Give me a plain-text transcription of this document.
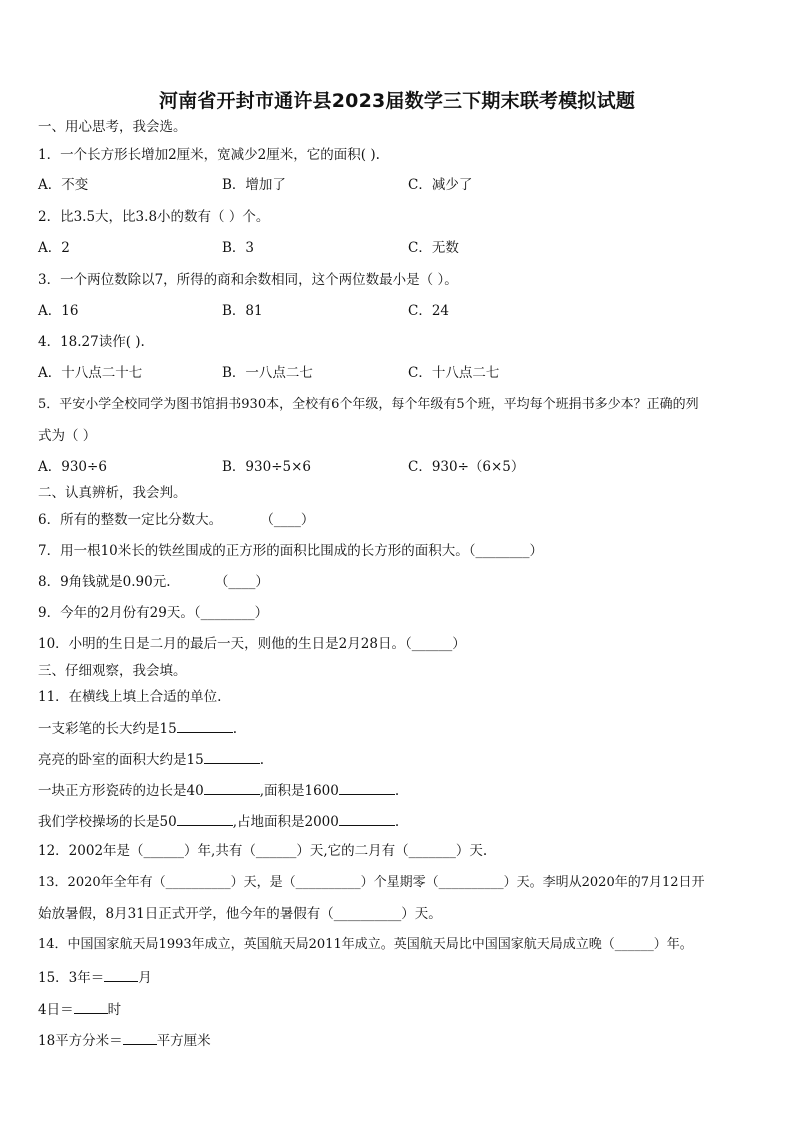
河南省开封市通许县2023届数学三下期末联考模拟试题
一、用心思考，我会选。
1．一个长方形长增加2厘米，宽减少2厘米，它的面积( ).
A．不变	B．增加了	C．减少了
2．比3.5大，比3.8小的数有（ ）个。
A．2	B．3	C．无数
3．一个两位数除以7，所得的商和余数相同，这个两位数最小是（ ）。
A．16	B．81	C．24
4．18.27读作( ).
A．十八点二十七	B．一八点二七	C．十八点二七
5．平安小学全校同学为图书馆捐书930本，全校有6个年级，每个年级有5个班，平均每个班捐书多少本？正确的列
式为（ ）
A．930÷6	B．930÷5×6	C．930÷（6×5）
二、认真辨析，我会判。
6．所有的整数一定比分数大。	（____）
7．用一根10米长的铁丝围成的正方形的面积比围成的长方形的面积大。（________）
8．9角钱就是0.90元.	（____）
9．今年的2月份有29天。（________）
10．小明的生日是二月的最后一天，则他的生日是2月28日。（______）
三、仔细观察，我会填。
11．在横线上填上合适的单位.
一支彩笔的长大约是15	.
亮亮的卧室的面积大约是15	.
一块正方形瓷砖的边长是40	,面积是1600	.
我们学校操场的长是50	,占地面积是2000	.
12．2002年是（______）年,共有（______）天,它的二月有（_______）天.
13．2020年全年有（__________）天，是（__________）个星期零（__________）天。李明从2020年的7月12日开
始放暑假，8月31日正式开学，他今年的暑假有（__________）天。
14．中国国家航天局1993年成立，英国航天局2011年成立。英国航天局比中国国家航天局成立晚（______）年。
15．3年＝	月
4日＝	时
18平方分米＝	平方厘米
